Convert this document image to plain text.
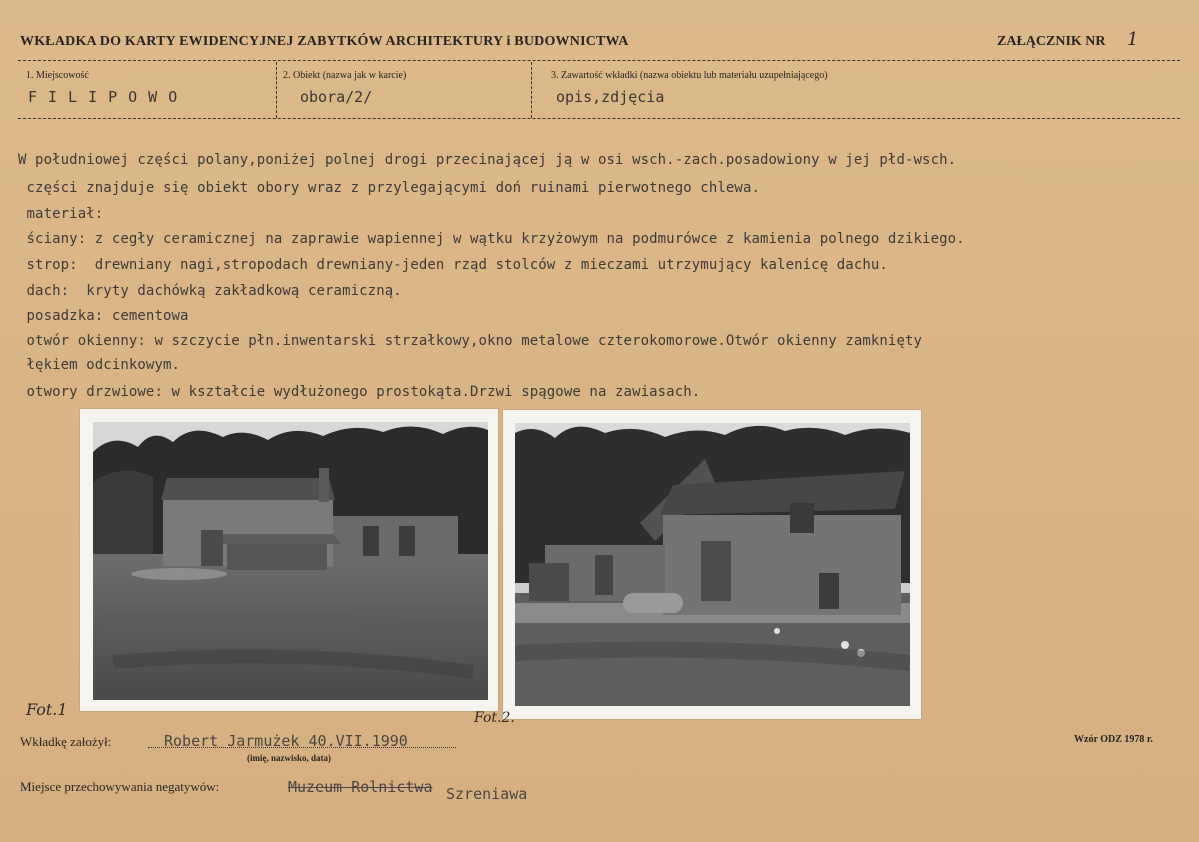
WKŁADKA DO KARTY EWIDENCYJNEJ ZABYTKÓW ARCHITEKTURY i BUDOWNICTWA	ZAŁĄCZNIK NR 1
1. Miejscowość
FILIPOWO
2. Obiekt (nazwa jak w karcie)
obora/2/
3. Zawartość wkładki (nazwa obiektu lub materiału uzupełniającego)
opis,zdjęcia
W południowej części polany,poniżej polnej drogi przecinającej ją w osi wsch.-zach.posadowiony w jej płd-wsch.
części znajduje się obiekt obory wraz z przylegającymi doń ruinami pierwotnego chlewa.
materiał:
ściany: z cegły ceramicznej na zaprawie wapiennej w wątku krzyżowym na podmurówce z kamienia polnego dzikiego.
strop:  drewniany nagi,stropodach drewniany-jeden rząd stolców z mieczami utrzymujący kalenicę dachu.
dach:  kryty dachówką zakładkową ceramiczną.
posadzka: cementowa
otwór okienny: w szczycie płn.inwentarski strzałkowy,okno metalowe czterokomorowe.Otwór okienny zamknięty
łękiem odcinkowym.
otwory drzwiowe: w kształcie wydłużonego prostokąta.Drzwi spągowe na zawiasach.
Fot.1	Fot.2.
Wkładkę założył:	Robert Jarmużek 40.VII.1990
(imię, nazwisko, data)
Wzór ODZ 1978 r.
Miejsce przechowywania negatywów:	Muzeum Rolnictwa Szreniawa
